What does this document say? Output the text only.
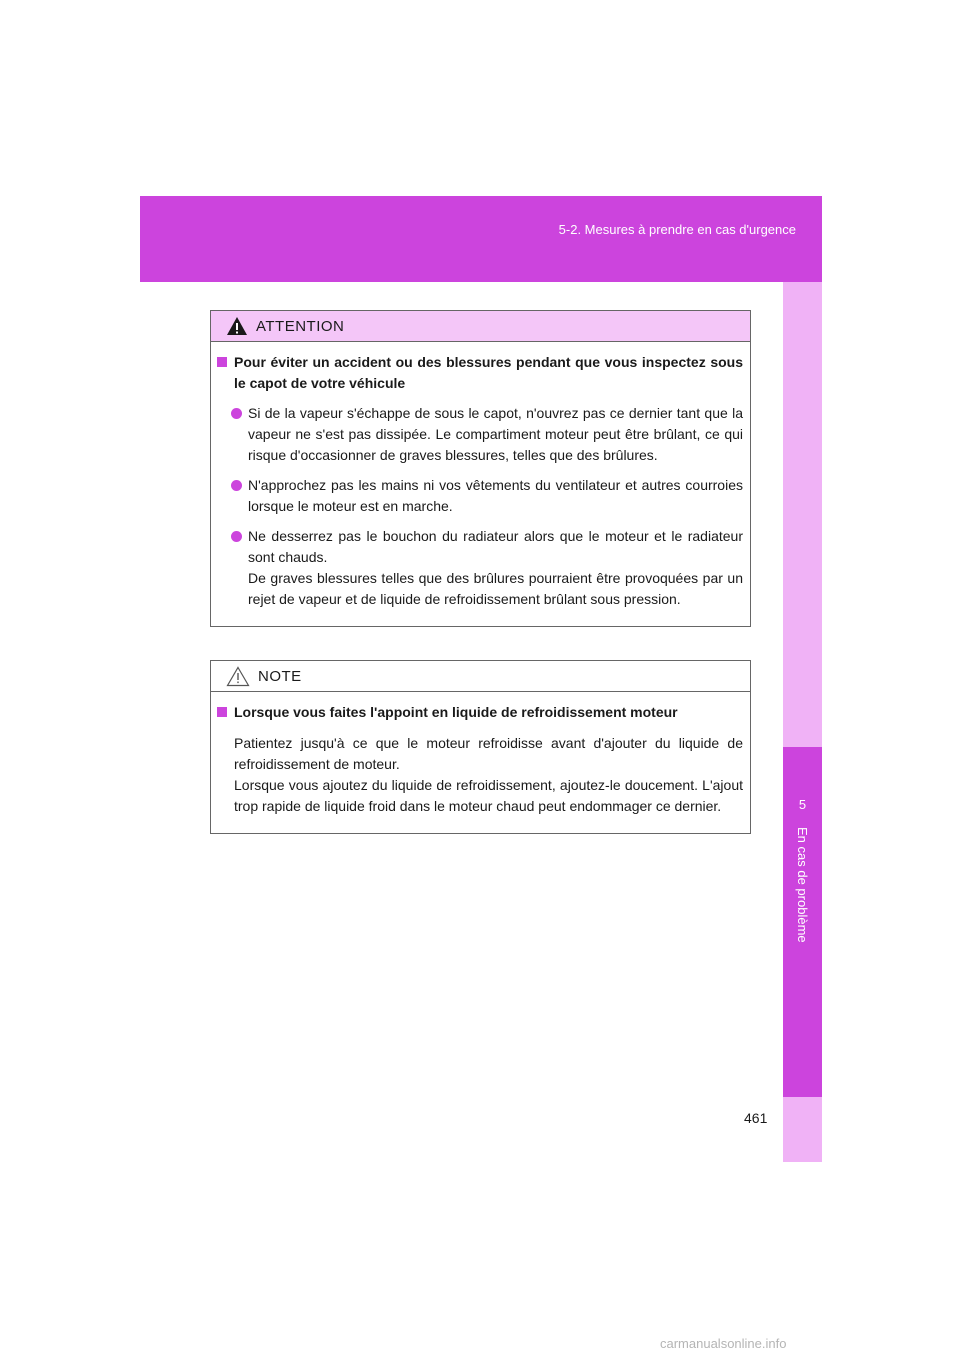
5-2. Mesures à prendre en cas d'urgence
5
En cas de problème
ATTENTION
Pour éviter un accident ou des blessures pendant que vous inspectez sous le capot de votre véhicule
Si de la vapeur s'échappe de sous le capot, n'ouvrez pas ce dernier tant que la vapeur ne s'est pas dissipée. Le compartiment moteur peut être brûlant, ce qui risque d'occasionner de graves blessures, telles que des brûlures.
N'approchez pas les mains ni vos vêtements du ventilateur et autres courroies lorsque le moteur est en marche.
Ne desserrez pas le bouchon du radiateur alors que le moteur et le radiateur sont chauds.
De graves blessures telles que des brûlures pourraient être provoquées par un rejet de vapeur et de liquide de refroidissement brûlant sous pression.
NOTE
Lorsque vous faites l'appoint en liquide de refroidissement moteur
Patientez jusqu'à ce que le moteur refroidisse avant d'ajouter du liquide de refroidissement de moteur.
Lorsque vous ajoutez du liquide de refroidissement, ajoutez-le doucement. L'ajout trop rapide de liquide froid dans le moteur chaud peut endommager ce dernier.
461
carmanualsonline.info
